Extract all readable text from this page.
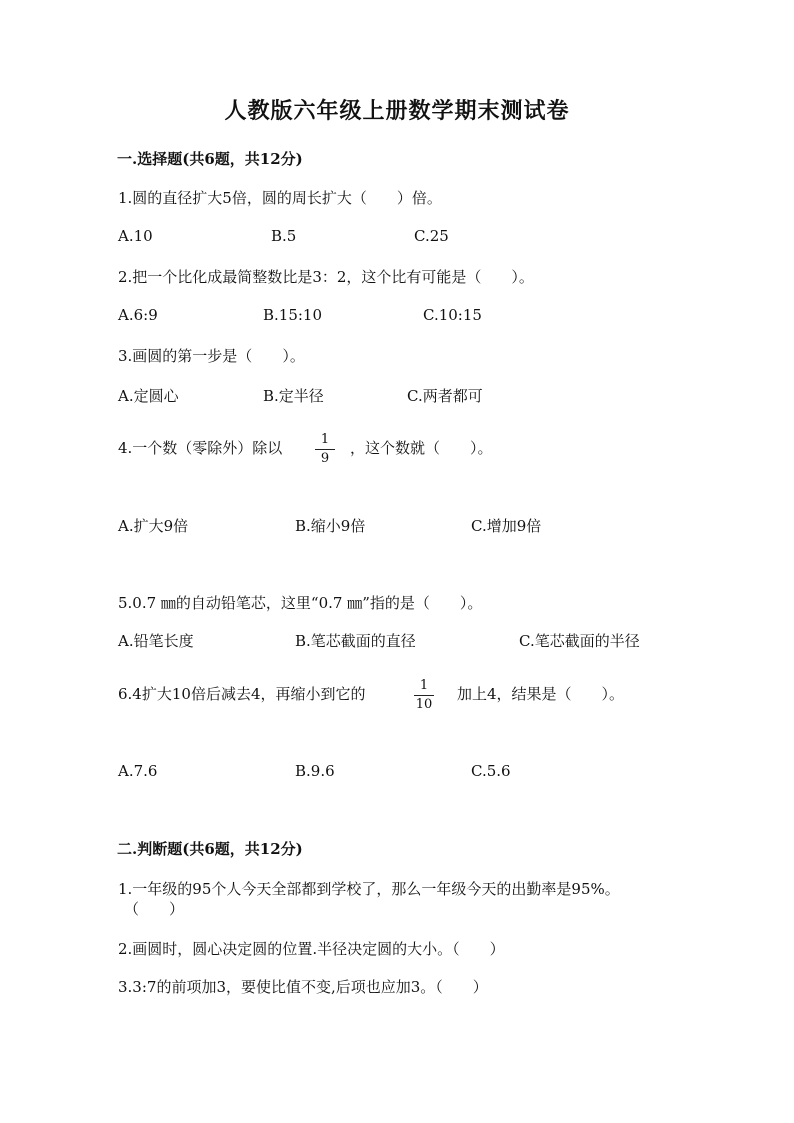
人教版六年级上册数学期末测试卷
一.选择题(共6题，共12分)
1.圆的直径扩大5倍，圆的周长扩大（　　）倍。
A.10	B.5	C.25
2.把一个比化成最简整数比是3：2，这个比有可能是（　　）。
A.6:9	B.15:10	C.10:15
3.画圆的第一步是（　　）。
A.定圆心	B.定半径	C.两者都可
4.一个数（零除外）除以	1
9
，这个数就（　　）。
A.扩大9倍	B.缩小9倍	C.增加9倍
5.0.7 ㎜的自动铅笔芯，这里“0.7 ㎜”指的是（　　）。
A.铅笔长度	B.笔芯截面的直径	C.笔芯截面的半径
6.4扩大10倍后减去4，再缩小到它的	1
10
加上4，结果是（　　）。
A.7.6	B.9.6	C.5.6
二.判断题(共6题，共12分)
1.一年级的95个人今天全部都到学校了，那么一年级今天的出勤率是95%。
（　　）
2.画圆时，圆心决定圆的位置.半径决定圆的大小。（　　）
3.3:7的前项加3，要使比值不变,后项也应加3。（　　）
